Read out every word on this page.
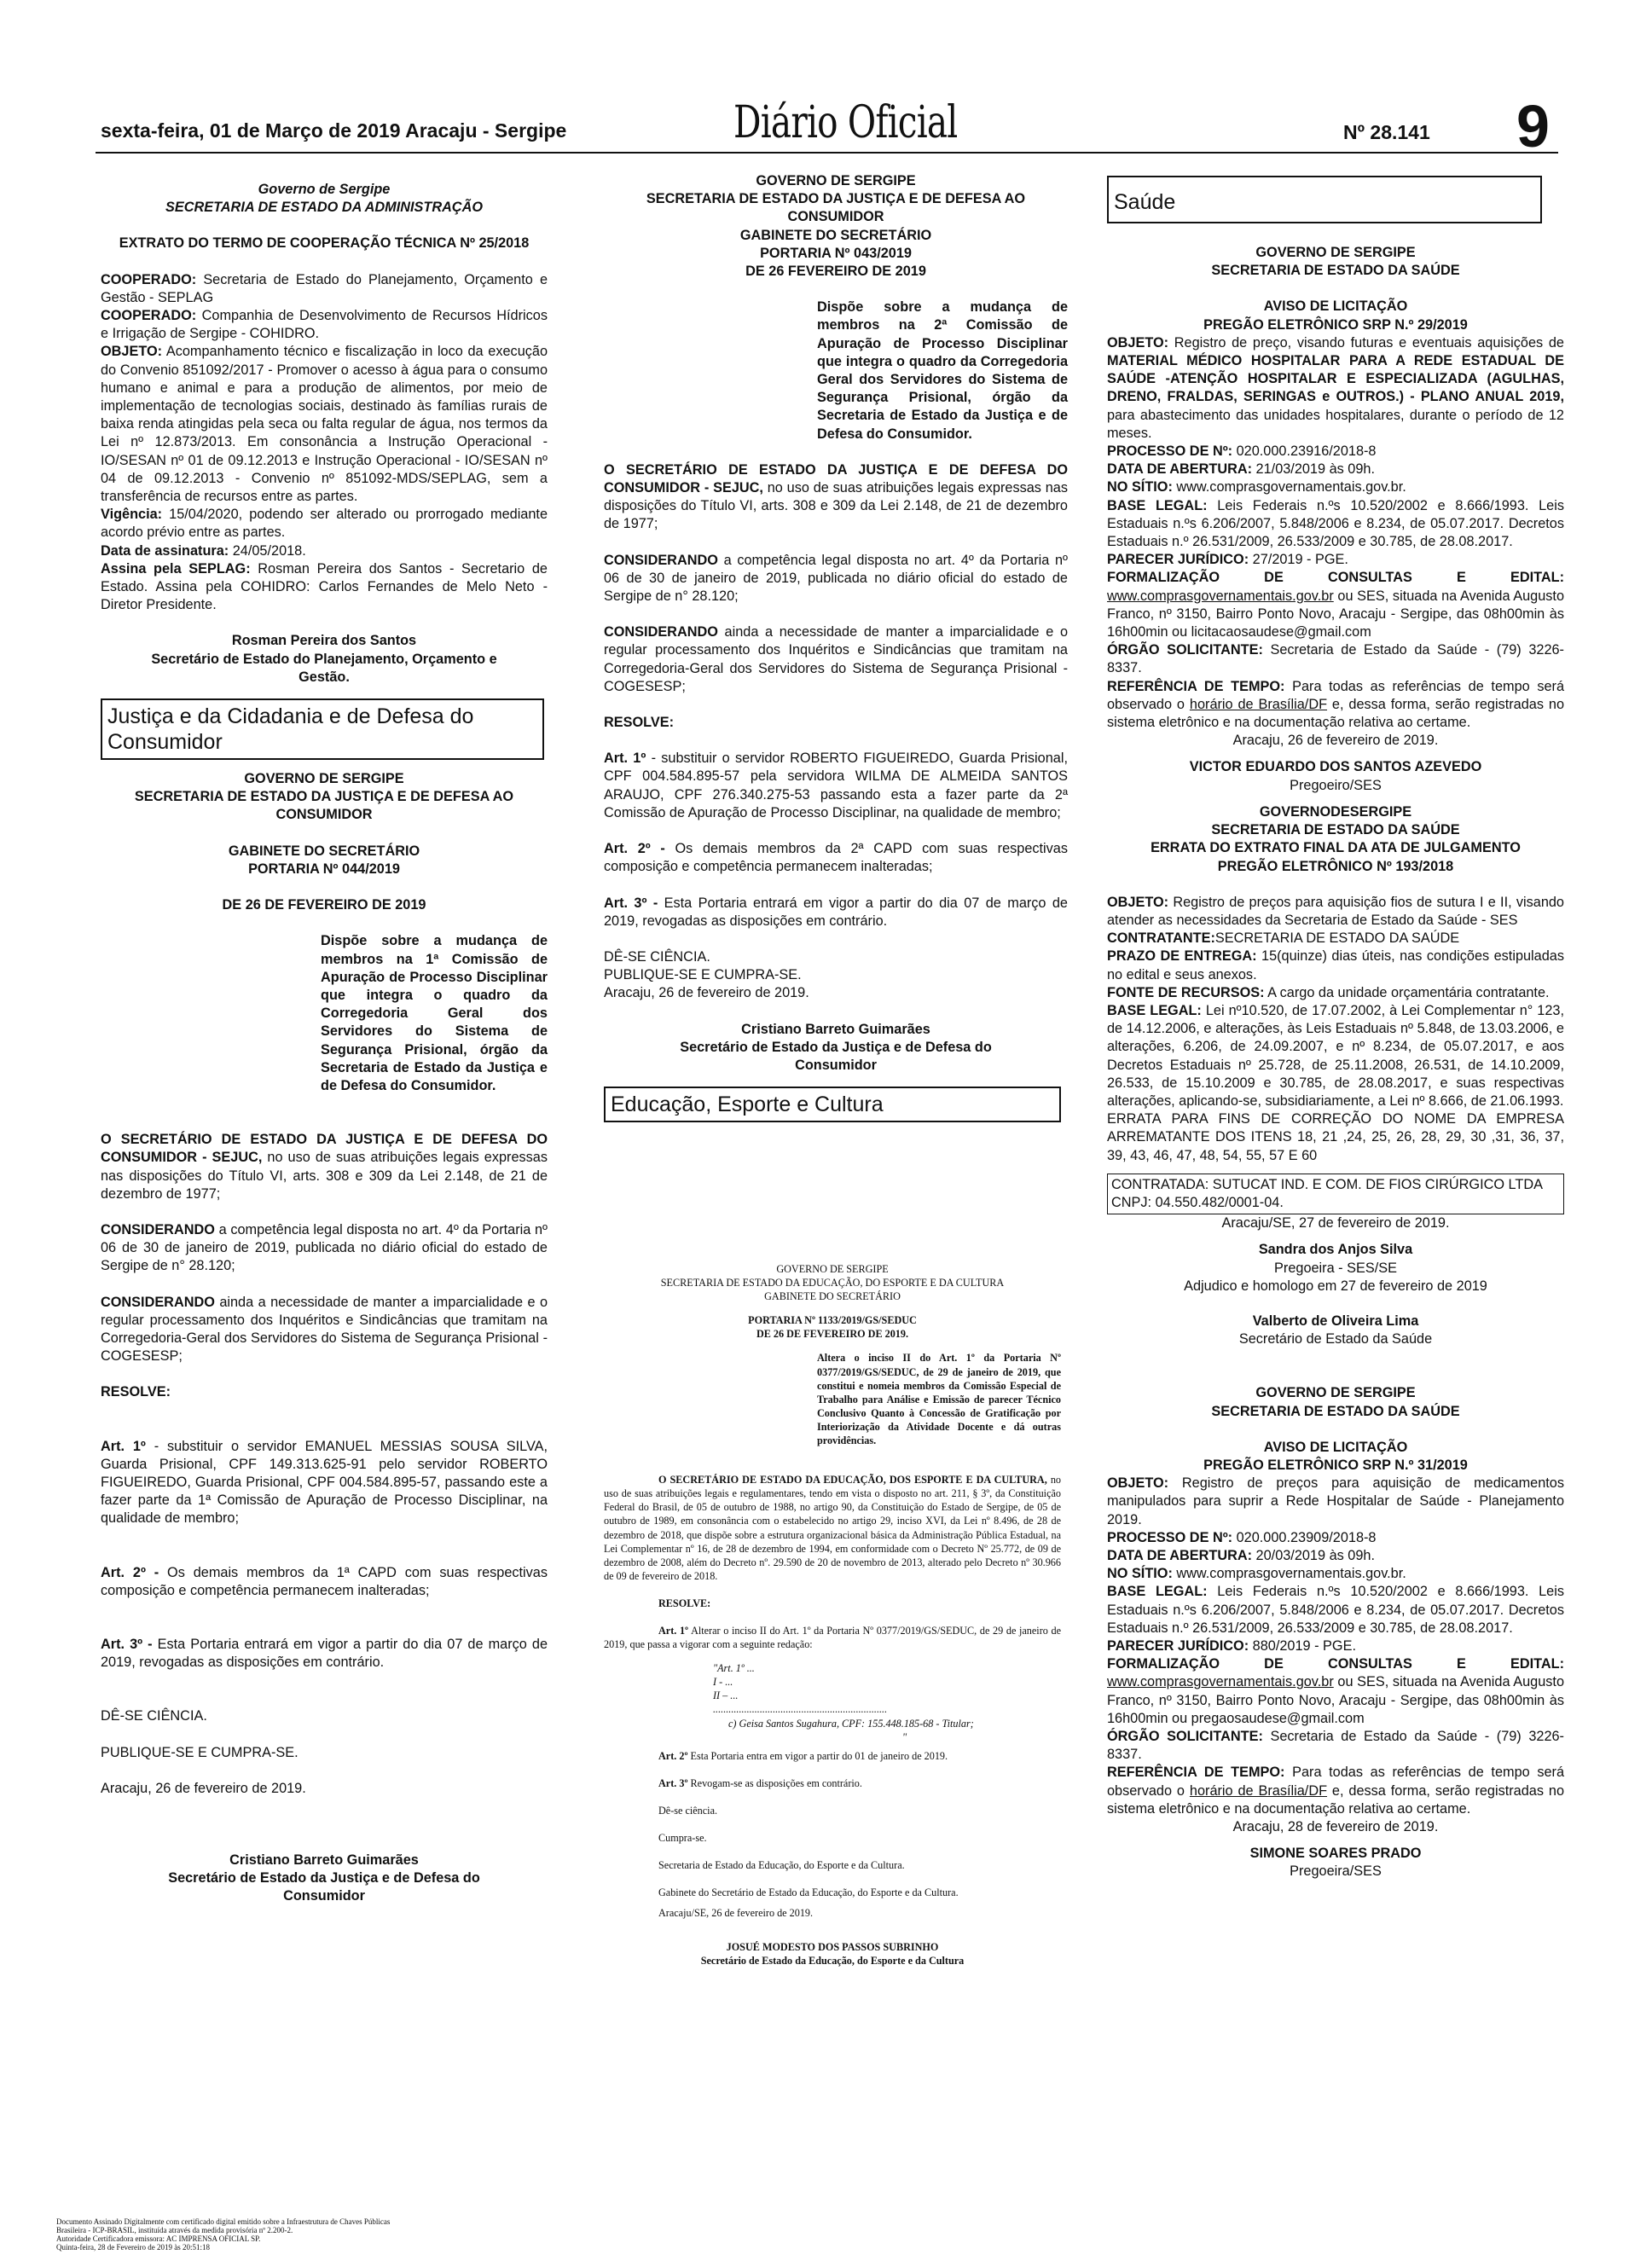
sexta-feira, 01 de Março de 2019 Aracaju - Sergipe	Diário Oficial	Nº 28.141 9

Governo de Sergipe

SECRETARIA DE ESTADO DA ADMINISTRAÇÃO

EXTRATO DO TERMO DE COOPERAÇÃO TÉCNICA Nº 25/2018

COOPERADO: Secretaria de Estado do Planejamento, Orçamento e Gestão - SEPLAG

COOPERADO: Companhia de Desenvolvimento de Recursos Hídricos e Irrigação de Sergipe - COHIDRO.

OBJETO: Acompanhamento técnico e fiscalização in loco da execução do Convenio 851092/2017 - Promover o acesso à água para o consumo humano e animal e para a produção de alimentos, por meio de implementação de tecnologias sociais, destinado às famílias rurais de baixa renda atingidas pela seca ou falta regular de água, nos termos da Lei nº 12.873/2013. Em consonância a Instrução Operacional - IO/SESAN nº 01 de 09.12.2013 e Instrução Operacional - IO/SESAN nº 04 de 09.12.2013 - Convenio nº 851092-MDS/SEPLAG, sem a transferência de recursos entre as partes.

Vigência: 15/04/2020, podendo ser alterado ou prorrogado mediante acordo prévio entre as partes.

Data de assinatura: 24/05/2018.

Assina pela SEPLAG: Rosman Pereira dos Santos - Secretario de Estado. Assina pela COHIDRO: Carlos Fernandes de Melo Neto - Diretor Presidente.

Rosman Pereira dos Santos

Secretário de Estado do Planejamento, Orçamento e Gestão.

Justiça e da Cidadania e de Defesa do Consumidor

GOVERNO DE SERGIPE

SECRETARIA DE ESTADO DA JUSTIÇA E DE DEFESA AO CONSUMIDOR

GABINETE DO SECRETÁRIO

PORTARIA Nº 044/2019

DE 26 DE FEVEREIRO DE 2019

Dispõe sobre a mudança de membros na 1ª Comissão de Apuração de Processo Disciplinar que integra o quadro da Corregedoria Geral dos Servidores do Sistema de Segurança Prisional, órgão da Secretaria de Estado da Justiça e de Defesa do Consumidor.

O SECRETÁRIO DE ESTADO DA JUSTIÇA E DE DEFESA DO CONSUMIDOR - SEJUC, no uso de suas atribuições legais expressas nas disposições do Título VI, arts. 308 e 309 da Lei 2.148, de 21 de dezembro de 1977;

CONSIDERANDO a competência legal disposta no art. 4º da Portaria nº 06 de 30 de janeiro de 2019, publicada no diário oficial do estado de Sergipe de n° 28.120;

CONSIDERANDO ainda a necessidade de manter a imparcialidade e o regular processamento dos Inquéritos e Sindicâncias que tramitam na Corregedoria-Geral dos Servidores do Sistema de Segurança Prisional - COGESESP;

RESOLVE:

Art. 1º - substituir o servidor EMANUEL MESSIAS SOUSA SILVA, Guarda Prisional, CPF 149.313.625-91 pelo servidor ROBERTO FIGUEIREDO, Guarda Prisional, CPF 004.584.895-57, passando este a fazer parte da 1ª Comissão de Apuração de Processo Disciplinar, na qualidade de membro;

Art. 2º - Os demais membros da 1ª CAPD com suas respectivas composição e competência permanecem inalteradas;

Art. 3º - Esta Portaria entrará em vigor a partir do dia 07 de março de 2019, revogadas as disposições em contrário.

DÊ-SE CIÊNCIA.

PUBLIQUE-SE E CUMPRA-SE.

Aracaju, 26 de fevereiro de 2019.

Cristiano Barreto Guimarães

Secretário de Estado da Justiça e de Defesa do Consumidor

GOVERNO DE SERGIPE

SECRETARIA DE ESTADO DA JUSTIÇA E DE DEFESA AO CONSUMIDOR

GABINETE DO SECRETÁRIO

PORTARIA Nº 043/2019

DE 26 FEVEREIRO DE 2019

Dispõe sobre a mudança de membros na 2ª Comissão de Apuração de Processo Disciplinar que integra o quadro da Corregedoria Geral dos Servidores do Sistema de Segurança Prisional, órgão da Secretaria de Estado da Justiça e de Defesa do Consumidor.

O SECRETÁRIO DE ESTADO DA JUSTIÇA E DE DEFESA DO CONSUMIDOR - SEJUC, no uso de suas atribuições legais expressas nas disposições do Título VI, arts. 308 e 309 da Lei 2.148, de 21 de dezembro de 1977;

CONSIDERANDO a competência legal disposta no art. 4º da Portaria nº 06 de 30 de janeiro de 2019, publicada no diário oficial do estado de Sergipe de n° 28.120;

CONSIDERANDO ainda a necessidade de manter a imparcialidade e o regular processamento dos Inquéritos e Sindicâncias que tramitam na Corregedoria-Geral dos Servidores do Sistema de Segurança Prisional - COGESESP;

RESOLVE:

Art. 1º - substituir o servidor ROBERTO FIGUEIREDO, Guarda Prisional, CPF 004.584.895-57 pela servidora WILMA DE ALMEIDA SANTOS ARAUJO, CPF 276.340.275-53 passando esta a fazer parte da 2ª Comissão de Apuração de Processo Disciplinar, na qualidade de membro;

Art. 2º - Os demais membros da 2ª CAPD com suas respectivas composição e competência permanecem inalteradas;

Art. 3º - Esta Portaria entrará em vigor a partir do dia 07 de março de 2019, revogadas as disposições em contrário.

DÊ-SE CIÊNCIA.

PUBLIQUE-SE E CUMPRA-SE.

Aracaju, 26 de fevereiro de 2019.

Cristiano Barreto Guimarães

Secretário de Estado da Justiça e de Defesa do Consumidor

Educação, Esporte e Cultura

GOVERNO DE SERGIPE

SECRETARIA DE ESTADO DA EDUCAÇÃO, DO ESPORTE E DA CULTURA

GABINETE DO SECRETÁRIO

PORTARIA Nº 1133/2019/GS/SEDUC

DE 26 DE FEVEREIRO DE 2019.

Altera o inciso II do Art. 1º da Portaria Nº 0377/2019/GS/SEDUC, de 29 de janeiro de 2019, que constitui e nomeia membros da Comissão Especial de Trabalho para Análise e Emissão de parecer Técnico Conclusivo Quanto à Concessão de Gratificação por Interiorização da Atividade Docente e dá outras providências.

O SECRETÁRIO DE ESTADO DA EDUCAÇÃO, DOS ESPORTE E DA CULTURA, no uso de suas atribuições legais e regulamentares, tendo em vista o disposto no art. 211, § 3º, da Constituição Federal do Brasil, de 05 de outubro de 1988, no artigo 90, da Constituição do Estado de Sergipe, de 05 de outubro de 1989, em consonância com o estabelecido no artigo 29, inciso XVI, da Lei nº 8.496, de 28 de dezembro de 2018, que dispõe sobre a estrutura organizacional básica da Administração Pública Estadual, na Lei Complementar nº 16, de 28 de dezembro de 1994, em conformidade com o Decreto Nº 25.772, de 09 de dezembro de 2008, além do Decreto nº. 29.590 de 20 de novembro de 2013, alterado pelo Decreto nº 30.966 de 09 de fevereiro de 2018.

RESOLVE:

Art. 1º Alterar o inciso II do Art. 1º da Portaria Nº 0377/2019/GS/SEDUC, de 29 de janeiro de 2019, que passa a vigorar com a seguinte redação:

"Art. 1º ...

I - ...

II – ...

...................................................................

c) Geisa Santos Sugahura, CPF: 155.448.185-68 - Titular;

"

Art. 2º Esta Portaria entra em vigor a partir do 01 de janeiro de 2019.

Art. 3º Revogam-se as disposições em contrário.

Dê-se ciência.

Cumpra-se.

Secretaria de Estado da Educação, do Esporte e da Cultura.

Gabinete do Secretário de Estado da Educação, do Esporte e da Cultura.

Aracaju/SE, 26 de fevereiro de 2019.

JOSUÉ MODESTO DOS PASSOS SUBRINHO

Secretário de Estado da Educação, do Esporte e da Cultura

Saúde

GOVERNO DE SERGIPE

SECRETARIA DE ESTADO DA SAÚDE

AVISO DE LICITAÇÃO

PREGÃO ELETRÔNICO SRP N.º 29/2019

OBJETO: Registro de preço, visando futuras e eventuais aquisições de MATERIAL MÉDICO HOSPITALAR PARA A REDE ESTADUAL DE SAÚDE -ATENÇÃO HOSPITALAR E ESPECIALIZADA (AGULHAS, DRENO, FRALDAS, SERINGAS e OUTROS.) - PLANO ANUAL 2019, para abastecimento das unidades hospitalares, durante o período de 12 meses.

PROCESSO DE Nº: 020.000.23916/2018-8

DATA DE ABERTURA: 21/03/2019 às 09h.

NO SÍTIO: www.comprasgovernamentais.gov.br.

BASE LEGAL: Leis Federais n.ºs 10.520/2002 e 8.666/1993. Leis Estaduais n.ºs 6.206/2007, 5.848/2006 e 8.234, de 05.07.2017. Decretos Estaduais n.º 26.531/2009, 26.533/2009 e 30.785, de 28.08.2017.

PARECER JURÍDICO: 27/2019 - PGE.

FORMALIZAÇÃO DE CONSULTAS E EDITAL: www.comprasgovernamentais.gov.br ou SES, situada na Avenida Augusto Franco, nº 3150, Bairro Ponto Novo, Aracaju - Sergipe, das 08h00min às 16h00min ou licitacaosaudese@gmail.com

ÓRGÃO SOLICITANTE: Secretaria de Estado da Saúde - (79) 3226-8337.

REFERÊNCIA DE TEMPO: Para todas as referências de tempo será observado o horário de Brasília/DF e, dessa forma, serão registradas no sistema eletrônico e na documentação relativa ao certame.

Aracaju, 26 de fevereiro de 2019.

VICTOR EDUARDO DOS SANTOS AZEVEDO

Pregoeiro/SES

GOVERNODESERGIPE

SECRETARIA DE ESTADO DA SAÚDE

ERRATA DO EXTRATO FINAL DA ATA DE JULGAMENTO

PREGÃO ELETRÔNICO Nº 193/2018

OBJETO: Registro de preços para aquisição fios de sutura I e II, visando atender as necessidades da Secretaria de Estado da Saúde - SES

CONTRATANTE:SECRETARIA DE ESTADO DA SAÚDE

PRAZO DE ENTREGA: 15(quinze) dias úteis, nas condições estipuladas no edital e seus anexos.

FONTE DE RECURSOS: A cargo da unidade orçamentária contratante.

BASE LEGAL: Lei nº10.520, de 17.07.2002, à Lei Complementar n° 123, de 14.12.2006, e alterações, às Leis Estaduais nº 5.848, de 13.03.2006, e alterações, 6.206, de 24.09.2007, e nº 8.234, de 05.07.2017, e aos Decretos Estaduais nº 25.728, de 25.11.2008, 26.531, de 14.10.2009, 26.533, de 15.10.2009 e 30.785, de 28.08.2017, e suas respectivas alterações, aplicando-se, subsidiariamente, a Lei nº 8.666, de 21.06.1993.

ERRATA PARA FINS DE CORREÇÃO DO NOME DA EMPRESA ARREMATANTE DOS ITENS 18, 21 ,24, 25, 26, 28, 29, 30 ,31, 36, 37, 39, 43, 46, 47, 48, 54, 55, 57 E 60

CONTRATADA: SUTUCAT IND. E COM. DE FIOS CIRÚRGICO LTDA CNPJ: 04.550.482/0001-04.

Aracaju/SE, 27 de fevereiro de 2019.

Sandra dos Anjos Silva

Pregoeira - SES/SE

Adjudico e homologo em 27 de fevereiro de 2019

Valberto de Oliveira Lima

Secretário de Estado da Saúde

GOVERNO DE SERGIPE

SECRETARIA DE ESTADO DA SAÚDE

AVISO DE LICITAÇÃO

PREGÃO ELETRÔNICO SRP N.º 31/2019

OBJETO: Registro de preços para aquisição de medicamentos manipulados para suprir a Rede Hospitalar de Saúde - Planejamento 2019.

PROCESSO DE Nº: 020.000.23909/2018-8

DATA DE ABERTURA: 20/03/2019 às 09h.

NO SÍTIO: www.comprasgovernamentais.gov.br.

BASE LEGAL: Leis Federais n.ºs 10.520/2002 e 8.666/1993. Leis Estaduais n.ºs 6.206/2007, 5.848/2006 e 8.234, de 05.07.2017. Decretos Estaduais n.º 26.531/2009, 26.533/2009 e 30.785, de 28.08.2017.

PARECER JURÍDICO: 880/2019 - PGE.

FORMALIZAÇÃO DE CONSULTAS E EDITAL: www.comprasgovernamentais.gov.br ou SES, situada na Avenida Augusto Franco, nº 3150, Bairro Ponto Novo, Aracaju - Sergipe, das 08h00min às 16h00min ou pregaosaudese@gmail.com

ÓRGÃO SOLICITANTE: Secretaria de Estado da Saúde - (79) 3226-8337.

REFERÊNCIA DE TEMPO: Para todas as referências de tempo será observado o horário de Brasília/DF e, dessa forma, serão registradas no sistema eletrônico e na documentação relativa ao certame.

Aracaju, 28 de fevereiro de 2019.

SIMONE SOARES PRADO

Pregoeira/SES

Documento Assinado Digitalmente com certificado digital emitido sobre a Infraestrutura de Chaves Públicas
Brasileira - ICP-BRASIL, instituída através da medida provisória nº 2.200-2.
Autoridade Certificadora emissora: AC IMPRENSA OFICIAL SP.
Quinta-feira, 28 de Fevereiro de 2019 às 20:51:18
